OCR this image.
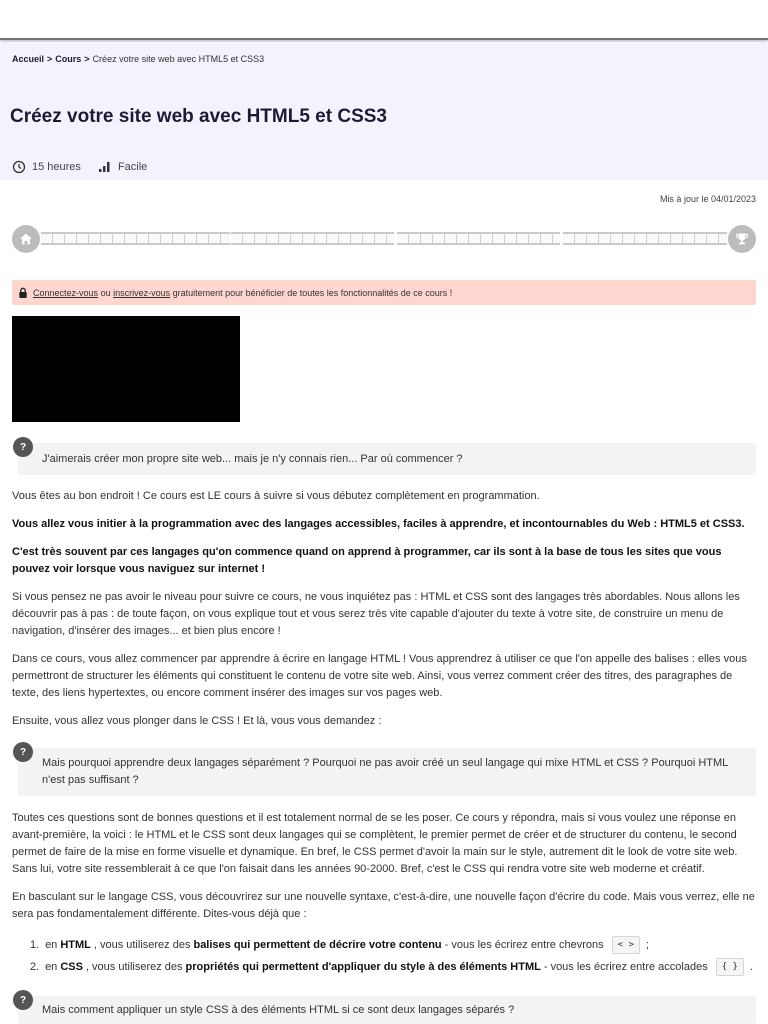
Accueil > Cours > Créez votre site web avec HTML5 et CSS3
Créez votre site web avec HTML5 et CSS3
15 heures	Facile
Mis à jour le 04/01/2023
Connectez-vous
ou
inscrivez-vous
gratuitement pour bénéficier de toutes les fonctionnalités de ce cours !
J'aimerais créer mon propre site web... mais je n'y connais rien... Par où commencer ?
?

Vous êtes au bon endroit ! Ce cours est LE cours à suivre si vous débutez complètement en programmation.

Vous allez vous initier à la programmation avec des langages accessibles, faciles à apprendre, et incontournables du Web : HTML5 et CSS3.

C'est très souvent par ces langages qu'on commence quand on apprend à programmer, car ils sont à la base de tous les sites que vous pouvez voir lorsque vous naviguez sur internet !

Si vous pensez ne pas avoir le niveau pour suivre ce cours, ne vous inquiétez pas : HTML et CSS sont des langages très abordables. Nous allons les découvrir pas à pas : de toute façon, on vous explique tout et vous serez très vite capable d'ajouter du texte à votre site, de construire un menu de navigation, d'insérer des images... et bien plus encore !

Dans ce cours, vous allez commencer par apprendre à écrire en langage HTML ! Vous apprendrez à utiliser ce que l'on appelle des balises : elles vous permettront de structurer les éléments qui constituent le contenu de votre site web. Ainsi, vous verrez comment créer des titres, des paragraphes de texte, des liens hypertextes, ou encore comment insérer des images sur vos pages web.

Ensuite, vous allez vous plonger dans le CSS ! Et là, vous vous demandez :

Mais pourquoi apprendre deux langages séparément ? Pourquoi ne pas avoir créé un seul langage qui mixe HTML et CSS ? Pourquoi HTML n'est pas suffisant ?
?

Toutes ces questions sont de bonnes questions et il est totalement normal de se les poser. Ce cours y répondra, mais si vous voulez une réponse en avant-première, la voici : le HTML et le CSS sont deux langages qui se complètent, le premier permet de créer et de structurer du contenu, le second permet de faire de la mise en forme visuelle et dynamique. En bref, le CSS permet d'avoir la main sur le style, autrement dit le look de votre site web. Sans lui, votre site ressemblerait à ce que l'on faisait dans les années 90-2000. Bref, c'est le CSS qui rendra votre site web moderne et créatif.

En basculant sur le langage CSS, vous découvrirez sur une nouvelle syntaxe, c'est-à-dire, une nouvelle façon d'écrire du code. Mais vous verrez, elle ne sera pas fondamentalement différente. Dites-vous déjà que :

1.
en HTML , vous utiliserez des balises qui permettent de décrire votre contenu - vous les écrirez entre chevrons	< >	;
2.
en CSS , vous utiliserez des propriétés qui permettent d'appliquer du style à des éléments HTML - vous les écrirez entre accolades	{ }	.
Mais comment appliquer un style CSS à des éléments HTML si ce sont deux langages séparés ?
?
